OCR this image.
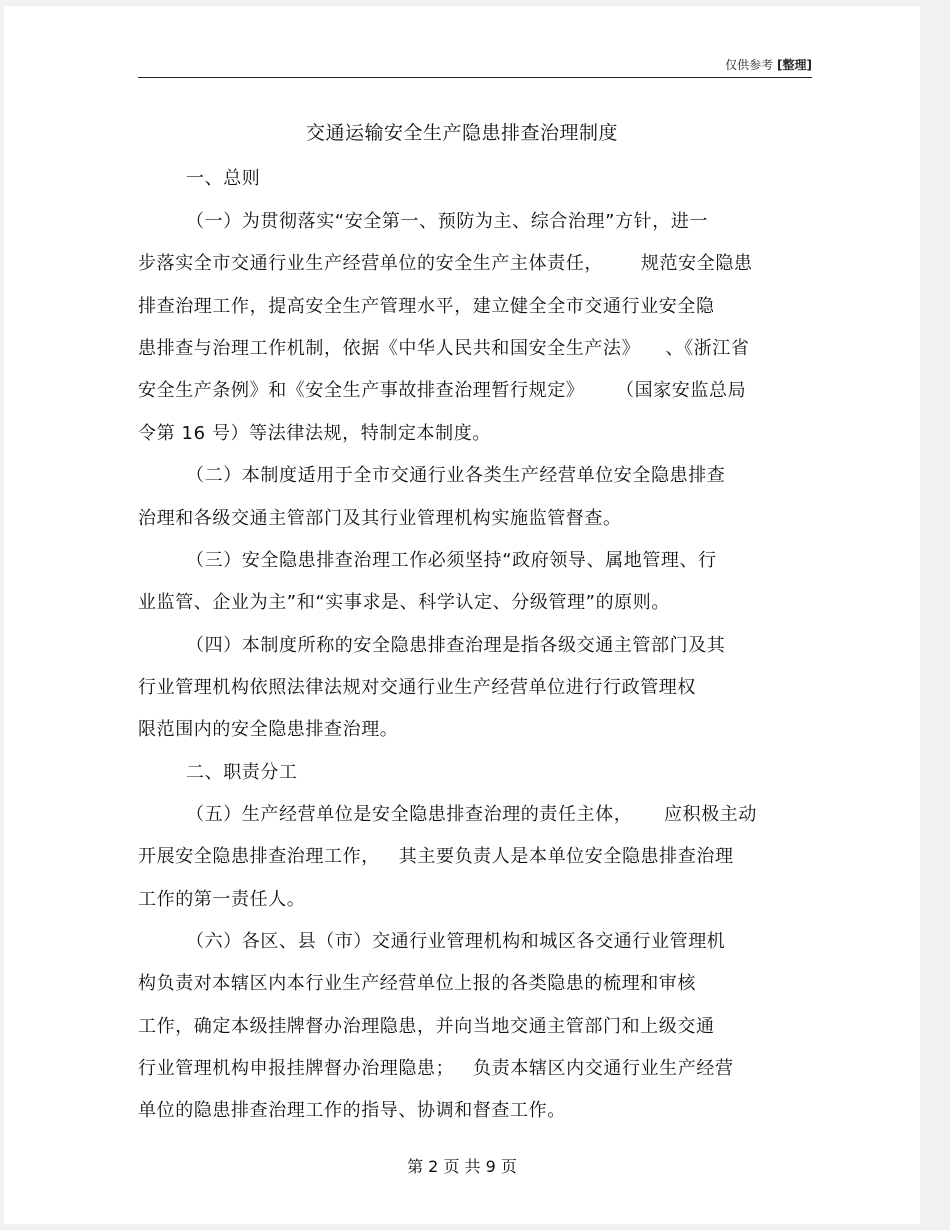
仅供参考 [整理]
交通运输安全生产隐患排查治理制度
一、总则
（一）为贯彻落实“安全第一、预防为主、综合治理”方针，进一
步落实全市交通行业生产经营单位的安全生产主体责任，      规范安全隐患
排查治理工作，提高安全生产管理水平，建立健全全市交通行业安全隐
患排查与治理工作机制，依据《中华人民共和国安全生产法》    、《浙江省
安全生产条例》和《安全生产事故排查治理暂行规定》     （国家安监总局
令第 16 号）等法律法规，特制定本制度。
（二）本制度适用于全市交通行业各类生产经营单位安全隐患排查
治理和各级交通主管部门及其行业管理机构实施监管督查。
（三）安全隐患排查治理工作必须坚持“政府领导、属地管理、行
业监管、企业为主”和“实事求是、科学认定、分级管理”的原则。
（四）本制度所称的安全隐患排查治理是指各级交通主管部门及其
行业管理机构依照法律法规对交通行业生产经营单位进行行政管理权
限范围内的安全隐患排查治理。
二、职责分工
（五）生产经营单位是安全隐患排查治理的责任主体，     应积极主动
开展安全隐患排查治理工作，   其主要负责人是本单位安全隐患排查治理
工作的第一责任人。
（六）各区、县（市）交通行业管理机构和城区各交通行业管理机
构负责对本辖区内本行业生产经营单位上报的各类隐患的梳理和审核
工作，确定本级挂牌督办治理隐患，并向当地交通主管部门和上级交通
行业管理机构申报挂牌督办治理隐患；   负责本辖区内交通行业生产经营
单位的隐患排查治理工作的指导、协调和督查工作。
第 2 页 共 9 页
